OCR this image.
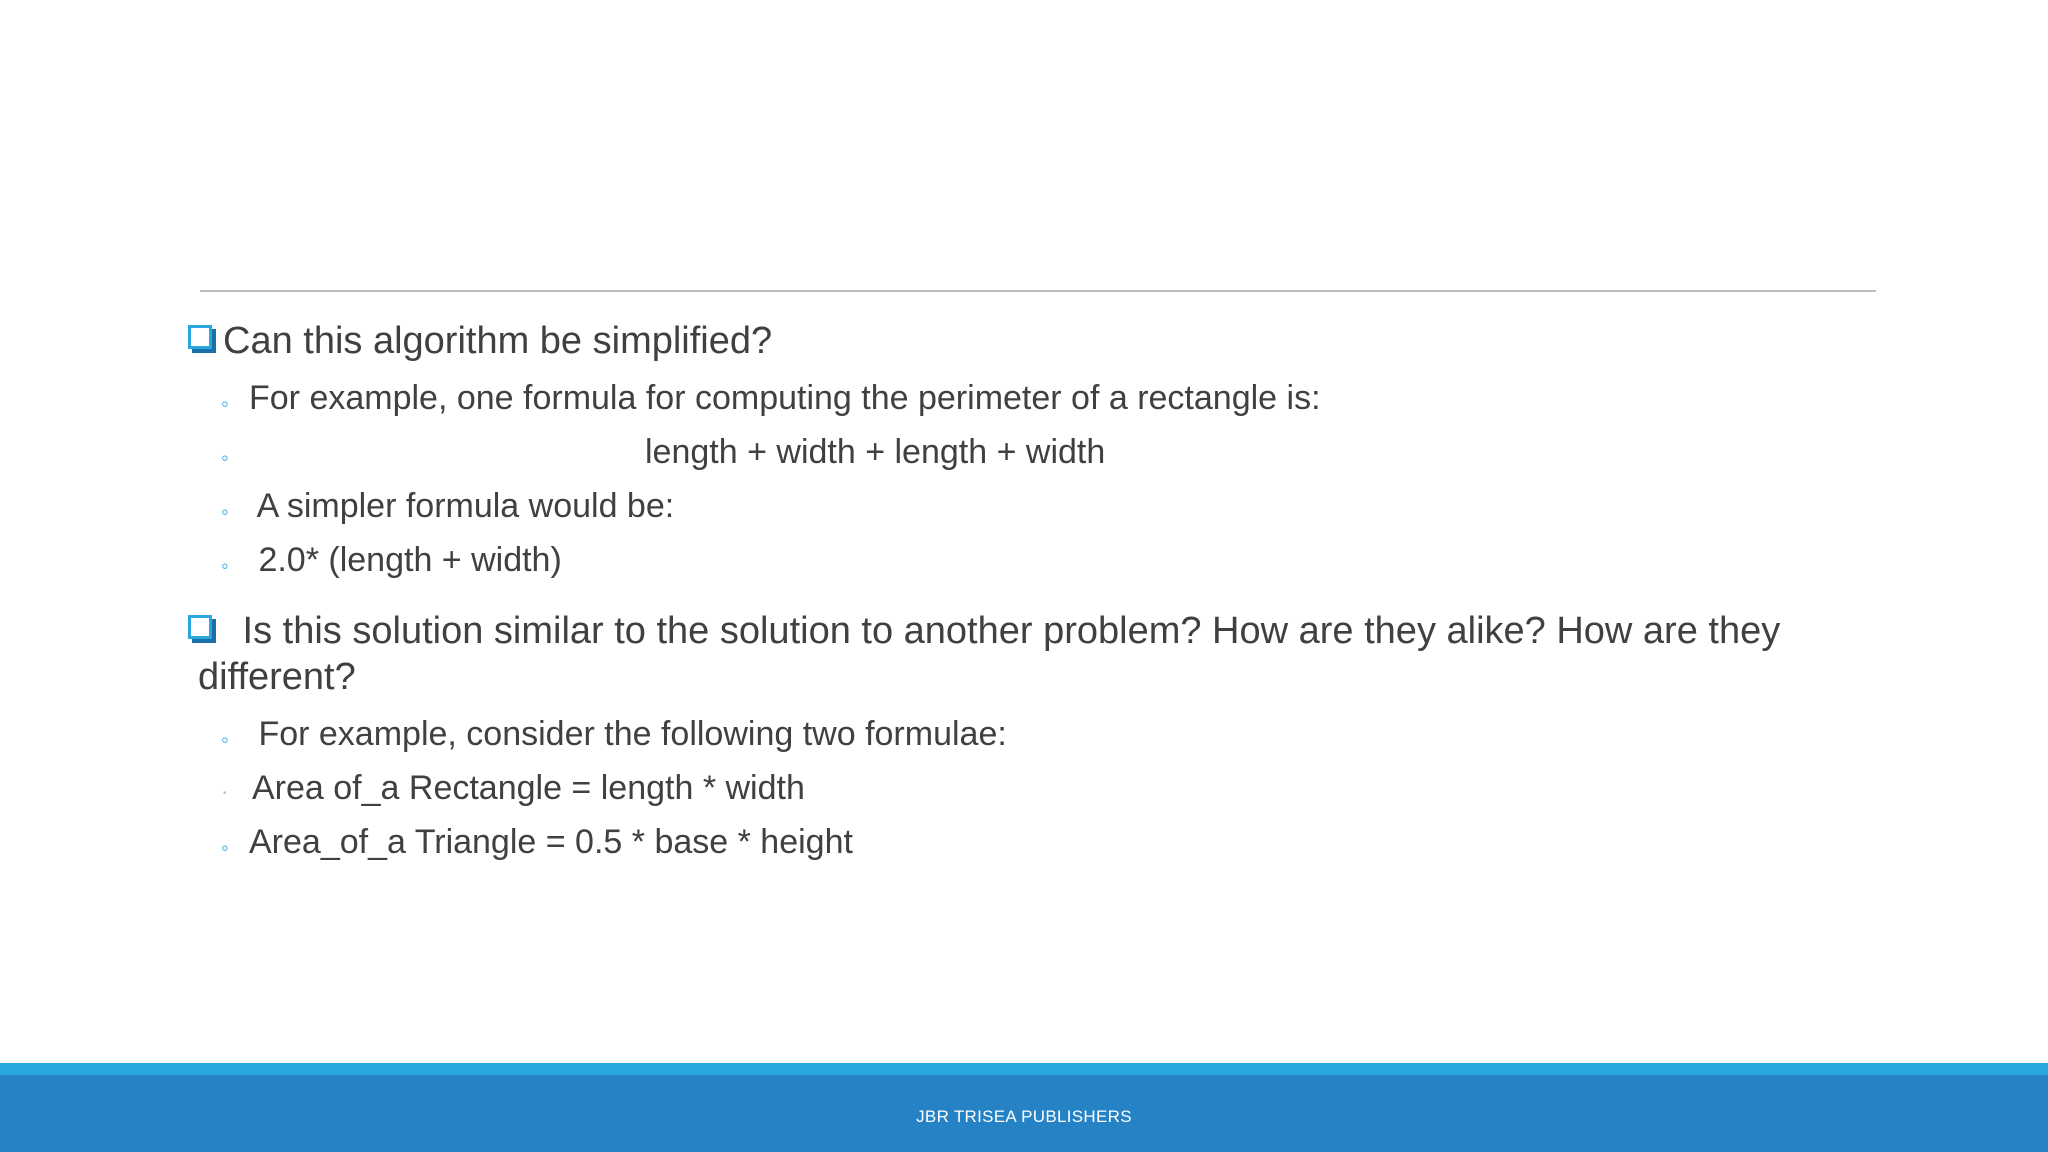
Can this algorithm be simplified?

◦ For example, one formula for computing the perimeter of a rectangle is:
◦	length + width + length + width
◦ A simpler formula would be:
◦ 2.0* (length + width)

Is this solution similar to the solution to another problem? How are they alike? How are they
different?

◦ For example, consider the following two formulae:
• Area of_a Rectangle = length * width
◦ Area_of_a Triangle = 0.5 * base * height
JBR TRISEA PUBLISHERS
